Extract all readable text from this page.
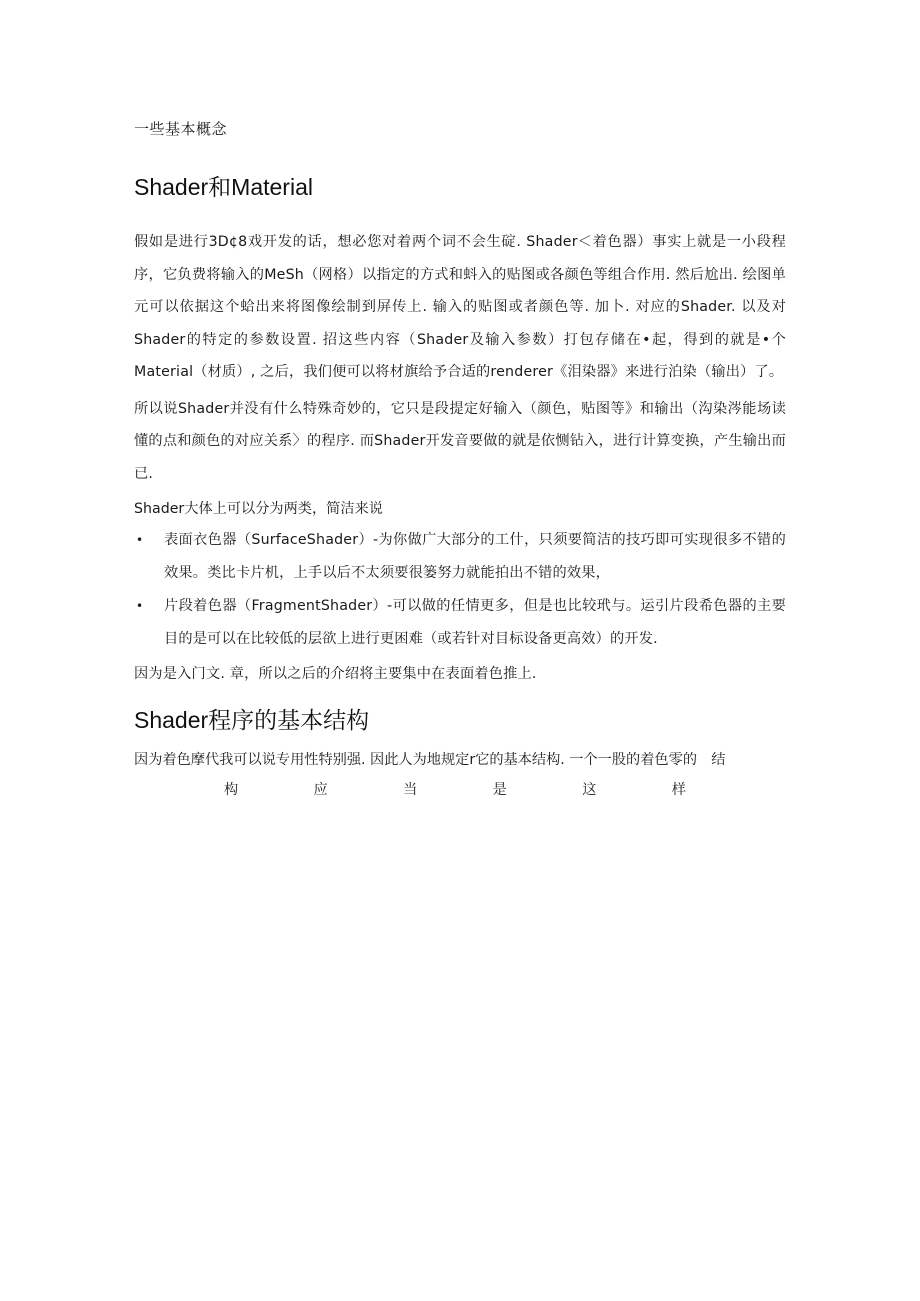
一些基本概念
Shader和Material

假如是进行3D¢8戏开发的话，想必您对着两个词不会生碇. Shader＜着色器）事实上就是一小段程序，它负费将输入的MeSh（网格）以指定的方式和蚪入的贴图或各颜色等组合作用. 然后尬出. 绘图单元可以依据这个蛤出来将图像绘制到屏传上. 输入的贴图或者颜色等. 加卜. 对应的Shader. 以及对Shader的特定的参数设置. 招这些内容（Shader及输入参数）打包存储在•起，得到的就是•个Material（材质）, 之后，我们便可以将材旗给予合适的renderer《泪染器》来进行泊染（输出）了。

所以说Shader并没有什么特殊奇妙的，它只是段提定好输入（颜色，贴图等》和输出（沟染涔能场读懂的点和颜色的对应关系〉的程序. 而Shader开发音要做的就是依恻钻入，进行计算变换，产生输出而已.

Shader大体上可以分为两类，简洁来说
• 表面衣色器（SurfaceShader）-为你做广大部分的工什，只须要简洁的技巧即可实现很多不错的效果。类比卡片机，上手以后不太须要很篓努力就能拍出不错的效果，
• 片段着色器（FragmentShader）-可以做的任情更多，但是也比较玳与。运引片段希色器的主要目的是可以在比较低的层欲上进行更困难（或若针对目标设备更高效）的开发.

因为是入门文. 章，所以之后的介绍将主要集中在表面着色推上.

Shader程序的基本结构
因为着色摩代我可以说专用性特别强. 因此人为地规定r它的基本结构. 一个一股的着色零的　结
构	应	当	是	这	样
